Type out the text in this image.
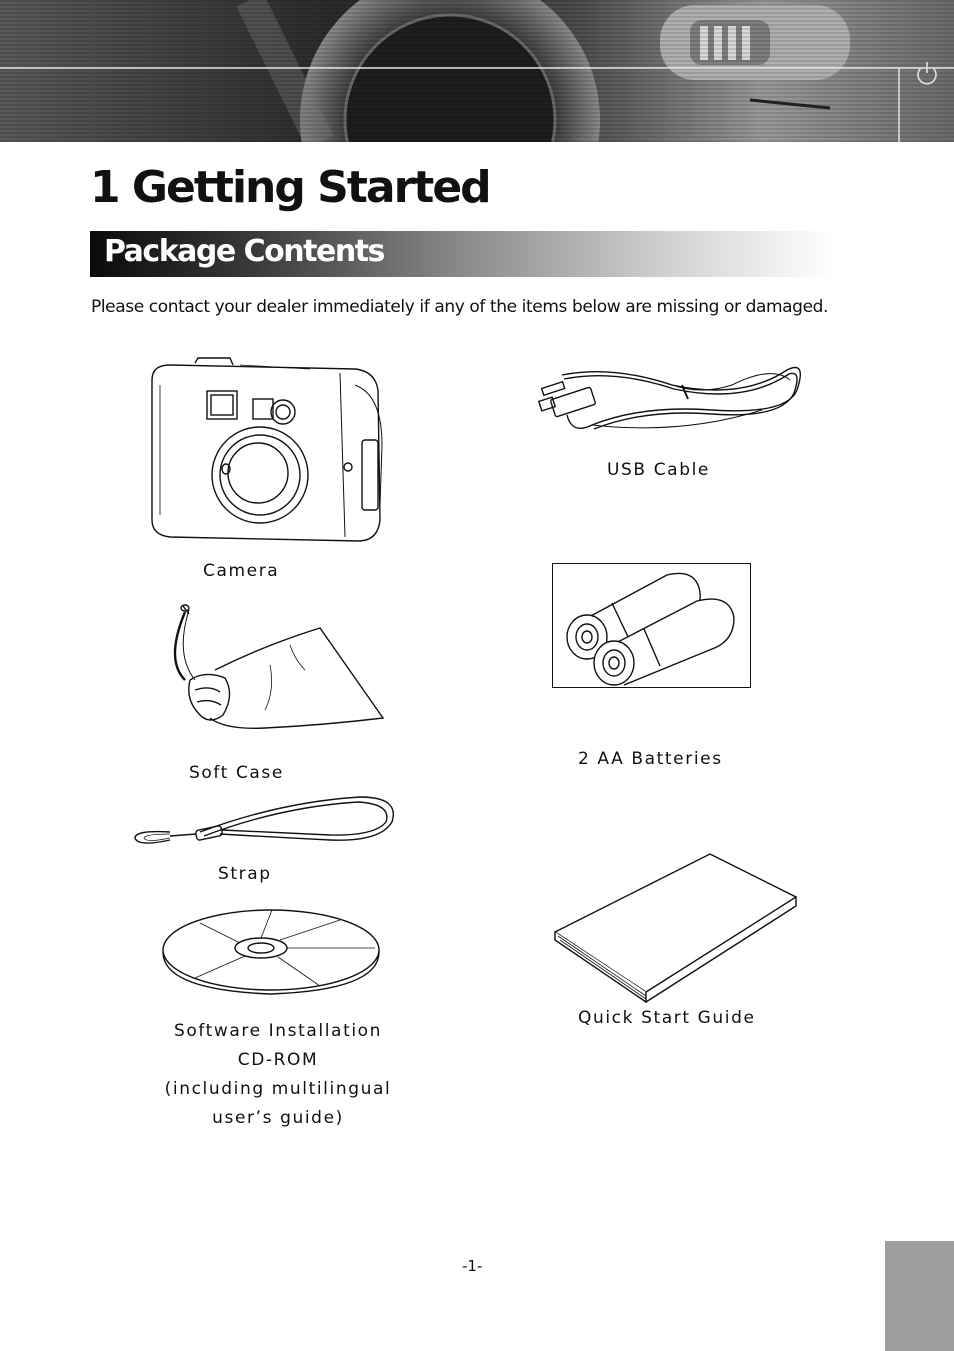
1 Getting Started
Package Contents

Please contact your dealer immediately if any of the items below are missing or damaged.

Camera
USB Cable
Soft Case
2 AA Batteries
Strap
Quick Start Guide
Software Installation
CD-ROM
(including multilingual
user’s guide)
-1-
